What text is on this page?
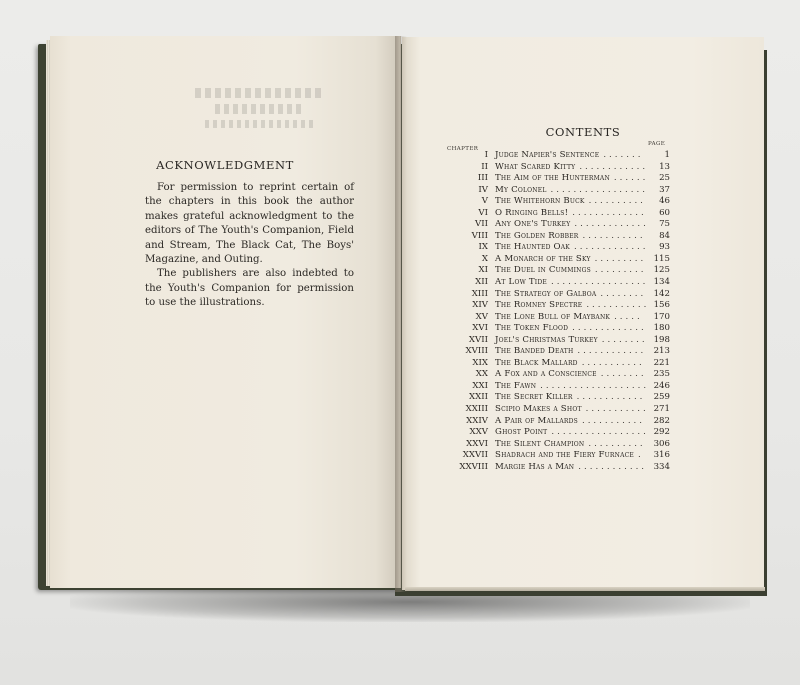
ACKNOWLEDGMENT

For permission to reprint certain of the chapters in this book the author makes grateful acknowledgment to the editors of The Youth's Companion, Field and Stream, The Black Cat, The Boys' Magazine, and Outing.

The publishers are also indebted to the Youth's Companion for permission to use the illustrations.

CONTENTS
CHAPTER
PAGE
I Judge Napier's Sentence .......	1
II What Scared Kitty ............	13
III The Aim of the Hunterman ......	25
IV My Colonel .................	37
V The Whitehorn Buck ..........	46
VI O Ringing Bells! .............	60
VII Any One's Turkey .............	75
VIII The Golden Robber ...........	84
IX The Haunted Oak .............	93
X A Monarch of the Sky ......... 115
XI The Duel in Cummings ......... 125
XII At Low Tide ................. 134
XIII The Strategy of Galboa ........ 142
XIV The Romney Spectre ........... 156
XV The Lone Bull of Maybank .....	170
XVI The Token Flood ............. 180
XVII Joel's Christmas Turkey ........ 198
XVIII The Banded Death ............ 213
XIX The Black Mallard ...........	221
XX A Fox and a Conscience ........ 235
XXI The Fawn ................... 246
XXII The Secret Killer ............ 259
XXIII Scipio Makes a Shot ........... 271
XXIV A Pair of Mallards ........... 282
XXV Ghost Point ................. 292
XXVI The Silent Champion .......... 306
XXVII Shadrach and the Fiery Furnace .	316
XXVIII Margie Has a Man ............ 334
